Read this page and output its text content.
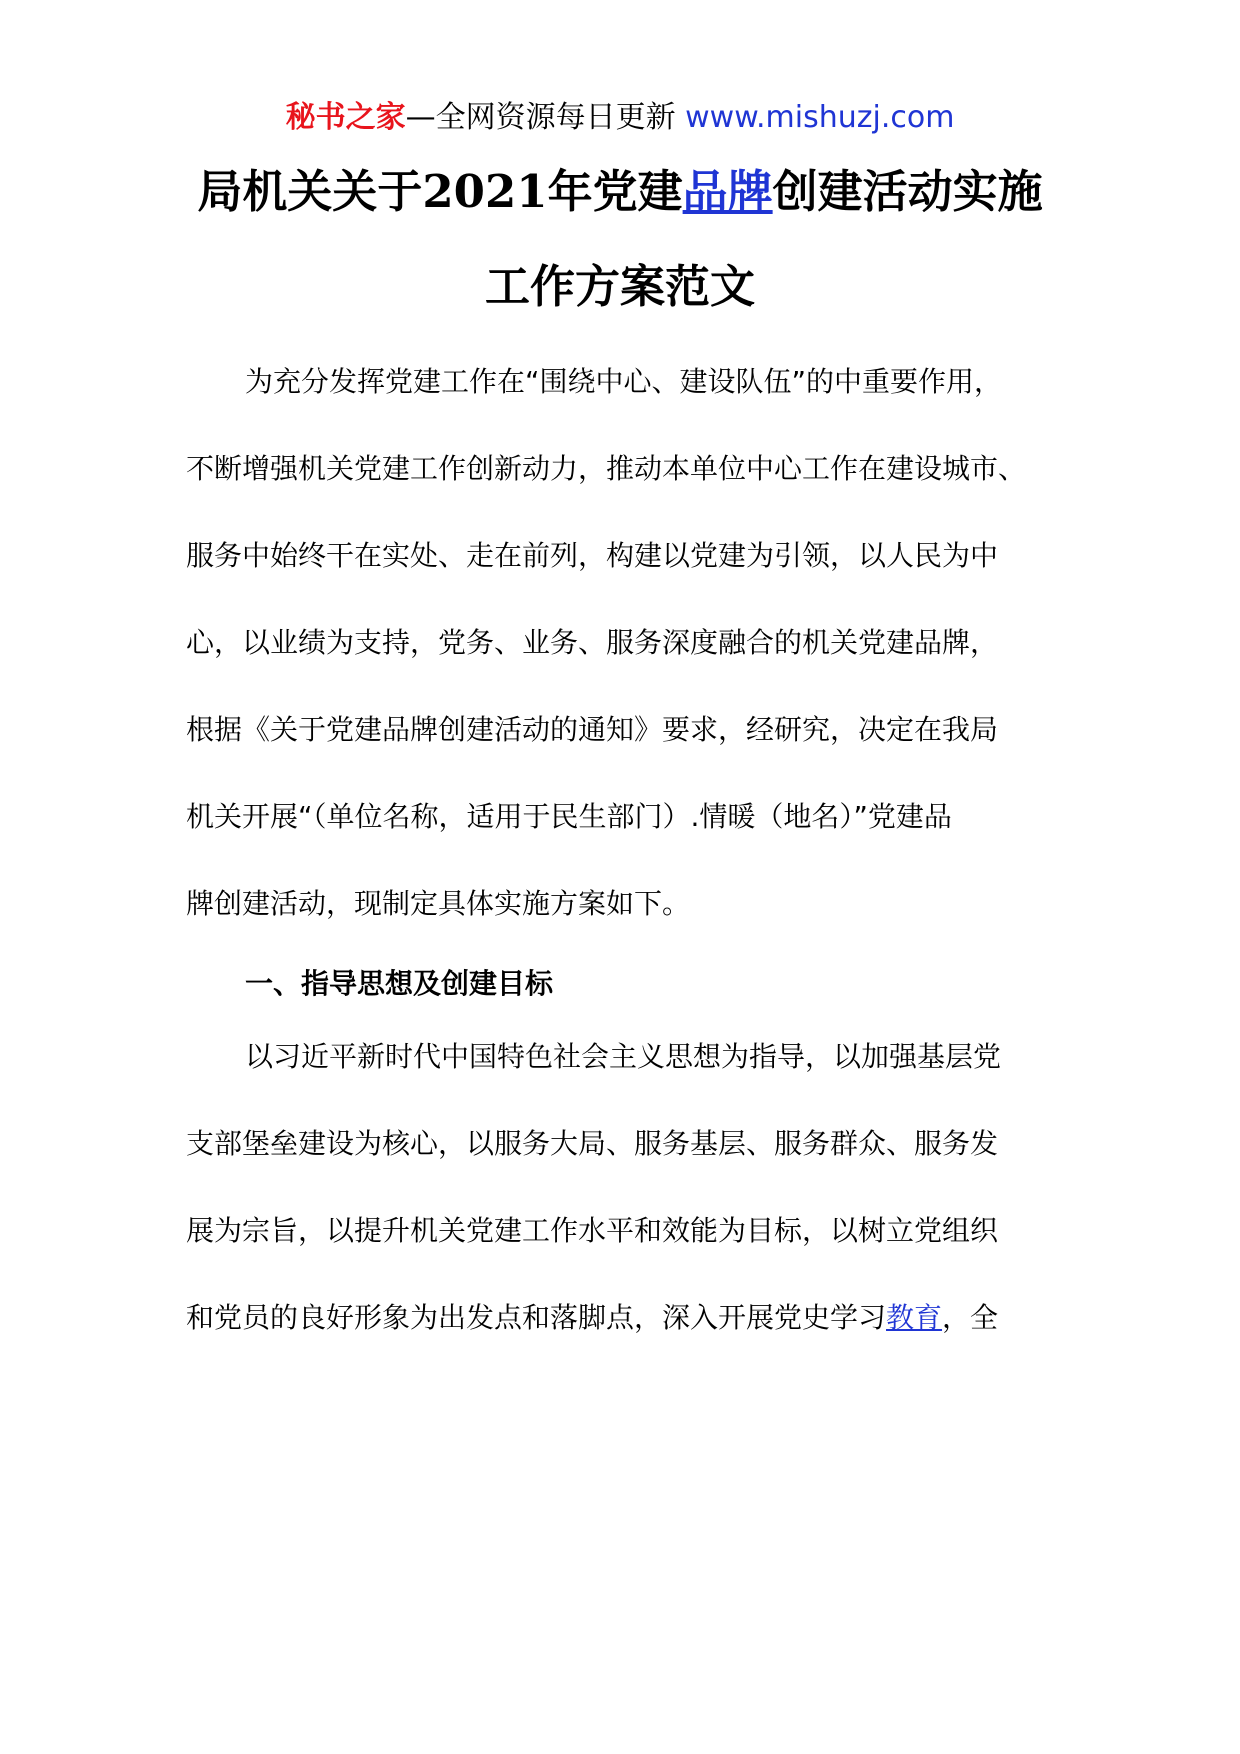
秘书之家—全网资源每日更新 www.mishuzj.com
局机关关于2021年党建品牌创建活动实施
工作方案范文
为充分发挥党建工作在“围绕中心、建设队伍”的中重要作用，
不断增强机关党建工作创新动力，推动本单位中心工作在建设城市、
服务中始终干在实处、走在前列，构建以党建为引领，以人民为中
心，以业绩为支持，党务、业务、服务深度融合的机关党建品牌，
根据《关于党建品牌创建活动的通知》要求，经研究，决定在我局
机关开展“（单位名称，适用于民生部门）.情暖（地名）”党建品
牌创建活动，现制定具体实施方案如下。
一、指导思想及创建目标
以习近平新时代中国特色社会主义思想为指导，以加强基层党
支部堡垒建设为核心，以服务大局、服务基层、服务群众、服务发
展为宗旨，以提升机关党建工作水平和效能为目标，以树立党组织
和党员的良好形象为出发点和落脚点，深入开展党史学习教育，全
